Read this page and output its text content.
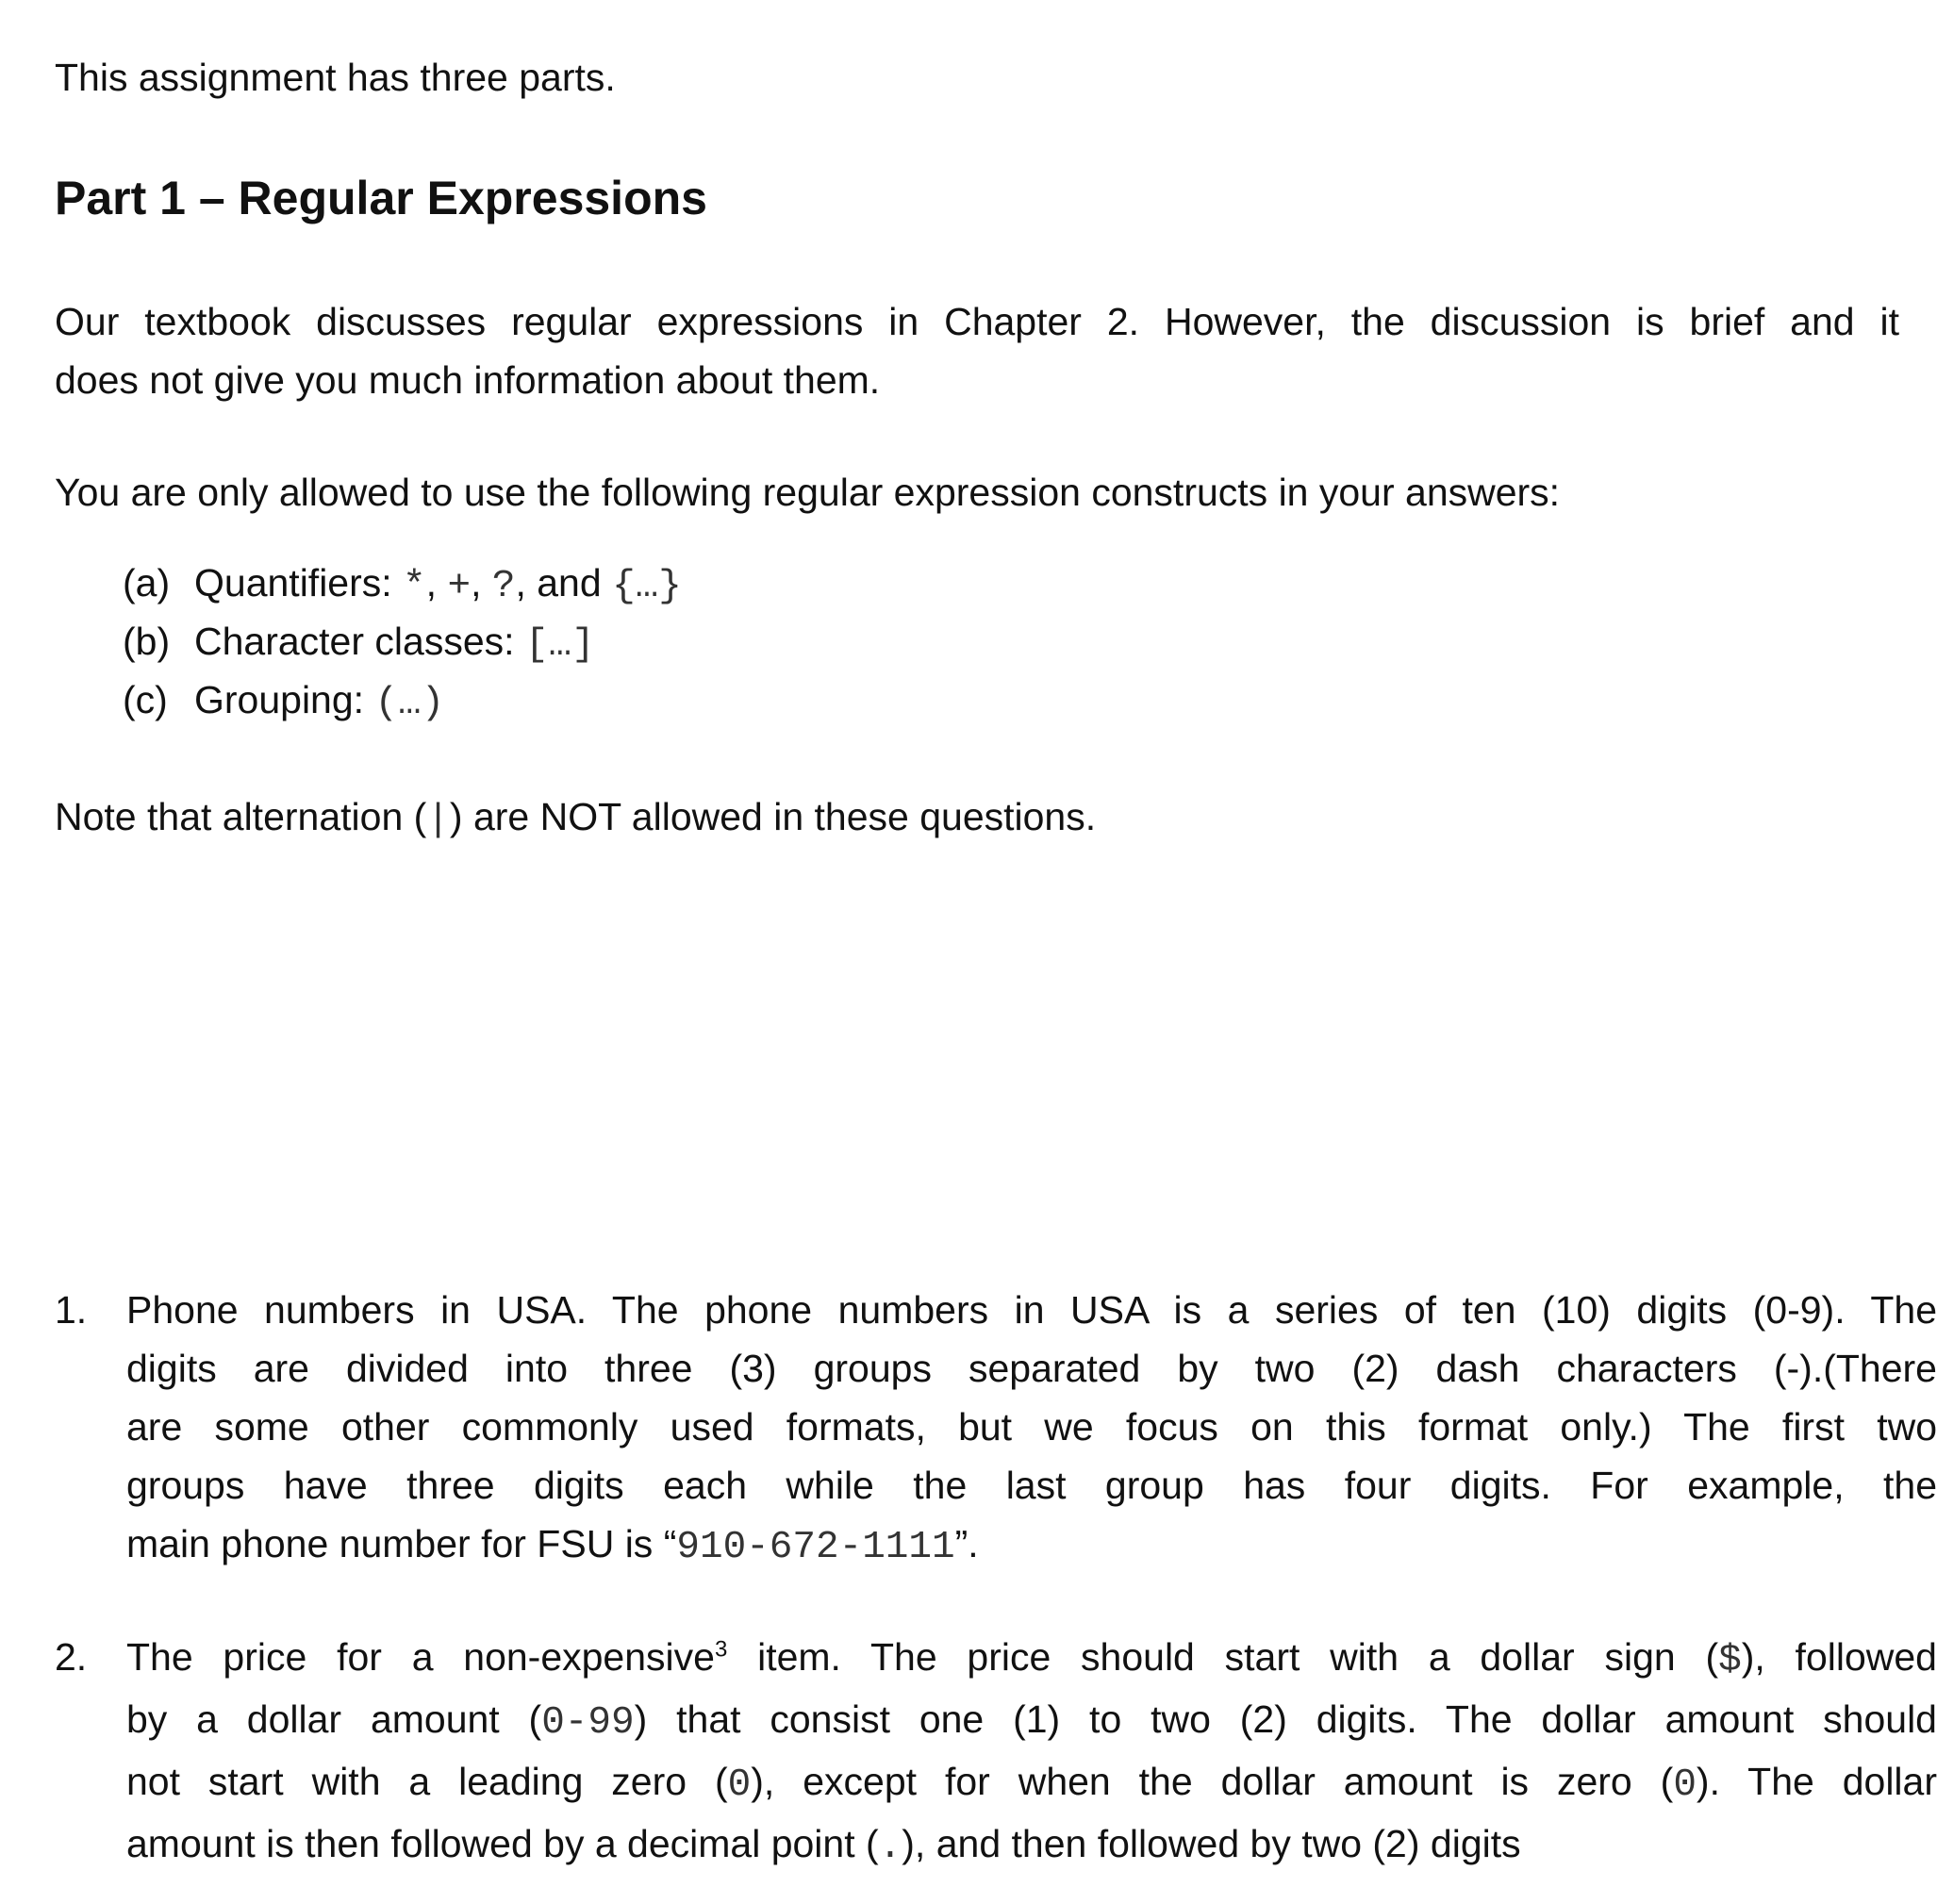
This assignment has three parts.
Part 1 – Regular Expressions
Our textbook discusses regular expressions in Chapter 2. However, the discussion is brief and it
does not give you much information about them.
You are only allowed to use the following regular expression constructs in your answers:
(a) Quantifiers: *, +, ?, and {…}
(b) Character classes: […]
(c) Grouping: (…)
Note that alternation (|) are NOT allowed in these questions.
1. Phone numbers in USA. The phone numbers in USA is a series of ten (10) digits (0-9). The
digits are divided into three (3) groups separated by two (2) dash characters (-).(There
are some other commonly used formats, but we focus on this format only.) The first two
groups have three digits each while the last group has four digits. For example, the
main phone number for FSU is “910-672-1111”.
2. The price for a non-expensive$^3$ item. The price should start with a dollar sign ($), followed
by a dollar amount (0-99) that consist one (1) to two (2) digits. The dollar amount should
not start with a leading zero (0), except for when the dollar amount is zero (0). The dollar
amount is then followed by a decimal point (.), and then followed by two (2) digits
